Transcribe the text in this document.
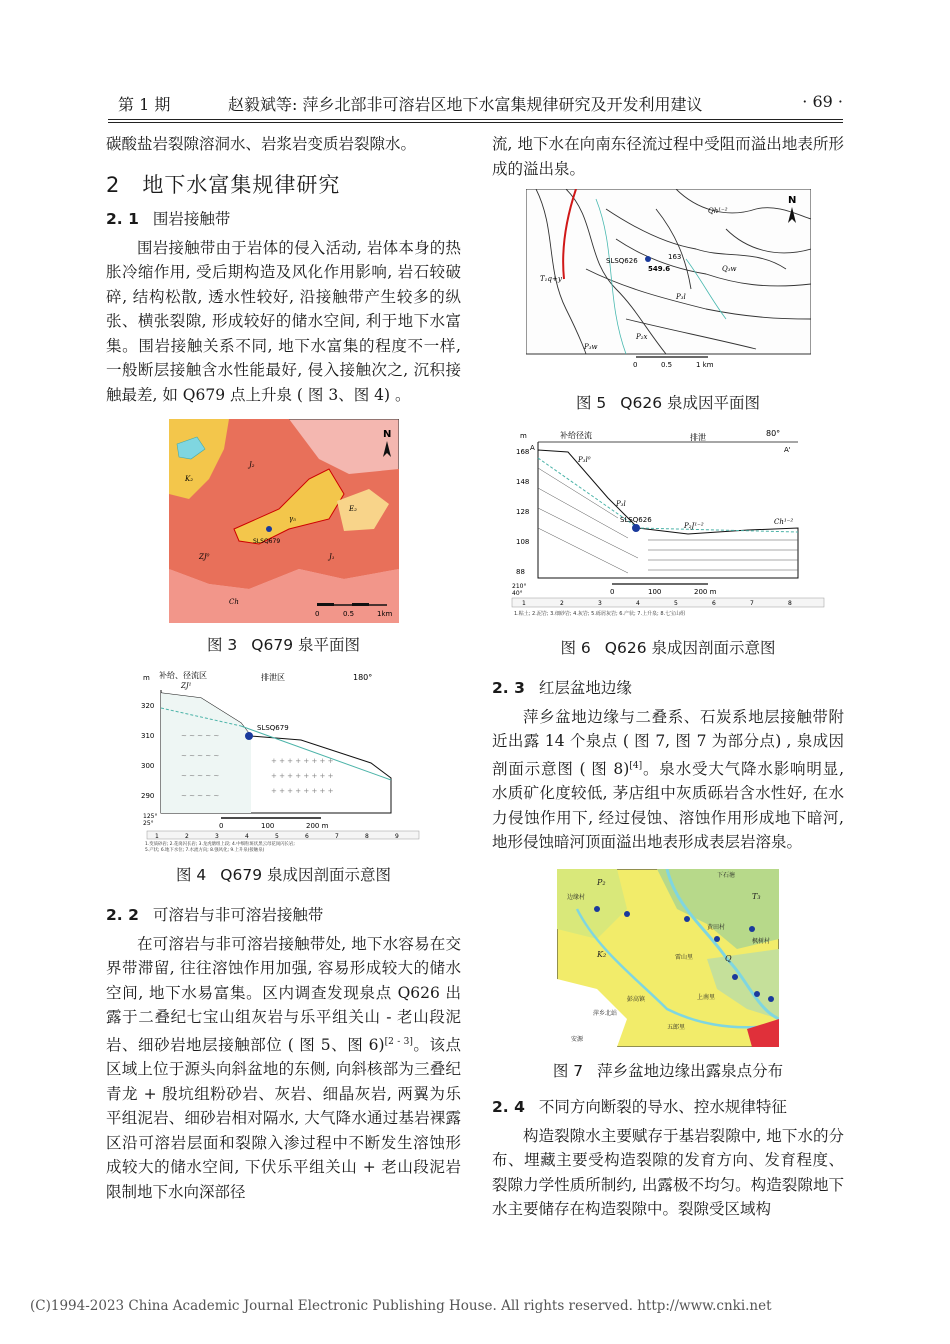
第 1 期	赵毅斌等: 萍乡北部非可溶岩区地下水富集规律研究及开发利用建议	· 69 ·

碳酸盐岩裂隙溶洞水、岩浆岩变质岩裂隙水。

2　地下水富集规律研究
2. 1 围岩接触带

围岩接触带由于岩体的侵入活动, 岩体本身的热胀冷缩作用, 受后期构造及风化作用影响, 岩石较破碎, 结构松散, 透水性较好, 沿接触带产生较多的纵张、横张裂隙, 形成较好的储水空间, 利于地下水富集。围岩接触关系不同, 地下水富集的程度不一样, 一般断层接触含水性能最好, 侵入接触次之, 沉积接触最差, 如 Q679 点上升泉 ( 图 3、图 4) 。

SLSQ679
K₂
J₂
γ₅
E₂
ZJ⁰	J₁
Ch
N
0	0.5	1km

图 3 Q679 泉平面图

m 补给、径流区	排泄区	180°
ZJ¹
320
310
300
290
SLSQ679
+ + + + + + + +
+ + + + + + + +
+ + + + + + + +
~ ~ ~ ~ ~
~ ~ ~ ~ ~
~ ~ ~ ~ ~
~ ~ ~ ~ ~
125°
25°	0	100	200 m
1	2	3	4	5	6	7	8	9
1.变质砂岩; 2.花岗闪长岩; 3.龙虎塘组上段; 4.中细粒斑状黑云母花岗闪长岩;
5.产状; 6.地下水位; 7.水流方向; 8.强风化; 9.上升泉(接触泉)

图 4 Q679 泉成因剖面示意图

2. 2 可溶岩与非可溶岩接触带

在可溶岩与非可溶岩接触带处, 地下水容易在交界带滞留, 往往溶蚀作用加强, 容易形成较大的储水空间, 地下水易富集。区内调查发现泉点 Q626 出露于二叠纪七宝山组灰岩与乐平组关山 - 老山段泥岩、细砂岩地层接触部位 ( 图 5、图 6)[2 - 3]。该点区域上位于源头向斜盆地的东侧, 向斜核部为三叠纪青龙 + 殷坑组粉砂岩、灰岩、细晶灰岩, 两翼为乐平组泥岩、细砂岩相对隔水, 大气降水通过基岩裸露区沿可溶岩层面和裂隙入渗过程中不断发生溶蚀形成较大的储水空间, 下伏乐平组关山 + 老山段泥岩限制地下水向深部径

流, 地下水在向南东径流过程中受阻而溢出地表所形成的溢出泉。

SLSQ626
549.6
163
Qh¹⁻²
T₁q+y
P₃l
P₂x
Q₃w
P₃w
N
0	0.5	1 km

图 5 Q626 泉成因平面图

m	补给径流	排泄	80°
A	A'
168
148
128
108
88
SLSQ626
P₃l⁰
P₃l
P₂J¹⁻²	Ch¹⁻²
210°
40°	0	100	200 m
1	2	3	4	5	6	7	8
1.粘土; 2.泥岩; 3.细砂岩; 4.灰岩; 5.砾屑灰岩; 6.产状; 7.上升泉; 8.七宝山组

图 6 Q626 泉成因剖面示意图

2. 3 红层盆地边缘

萍乡盆地边缘与二叠系、石炭系地层接触带附近出露 14 个泉点 ( 图 7, 图 7 为部分点) , 泉成因剖面示意图 ( 图 8)[4]。泉水受大气降水影响明显, 水质矿化度较低, 茅店组中灰质砾岩含水性好, 在水力侵蚀作用下, 经过侵蚀、溶蚀作用形成地下暗河, 地形侵蚀暗河顶面溢出地表形成表层岩溶泉。

下石塘
边缘村
黄田村
枫树村
彭高镇	上南里
五郎里
萍乡北站
雷山里
安源
P₂
T₃
K₂	Q

图 7 萍乡盆地边缘出露泉点分布

2. 4 不同方向断裂的导水、控水规律特征

构造裂隙水主要赋存于基岩裂隙中, 地下水的分布、埋藏主要受构造裂隙的发育方向、发育程度、裂隙力学性质所制约, 出露极不均匀。构造裂隙地下水主要储存在构造裂隙中。裂隙受区域构

(C)1994-2023 China Academic Journal Electronic Publishing House. All rights reserved. http://www.cnki.net
